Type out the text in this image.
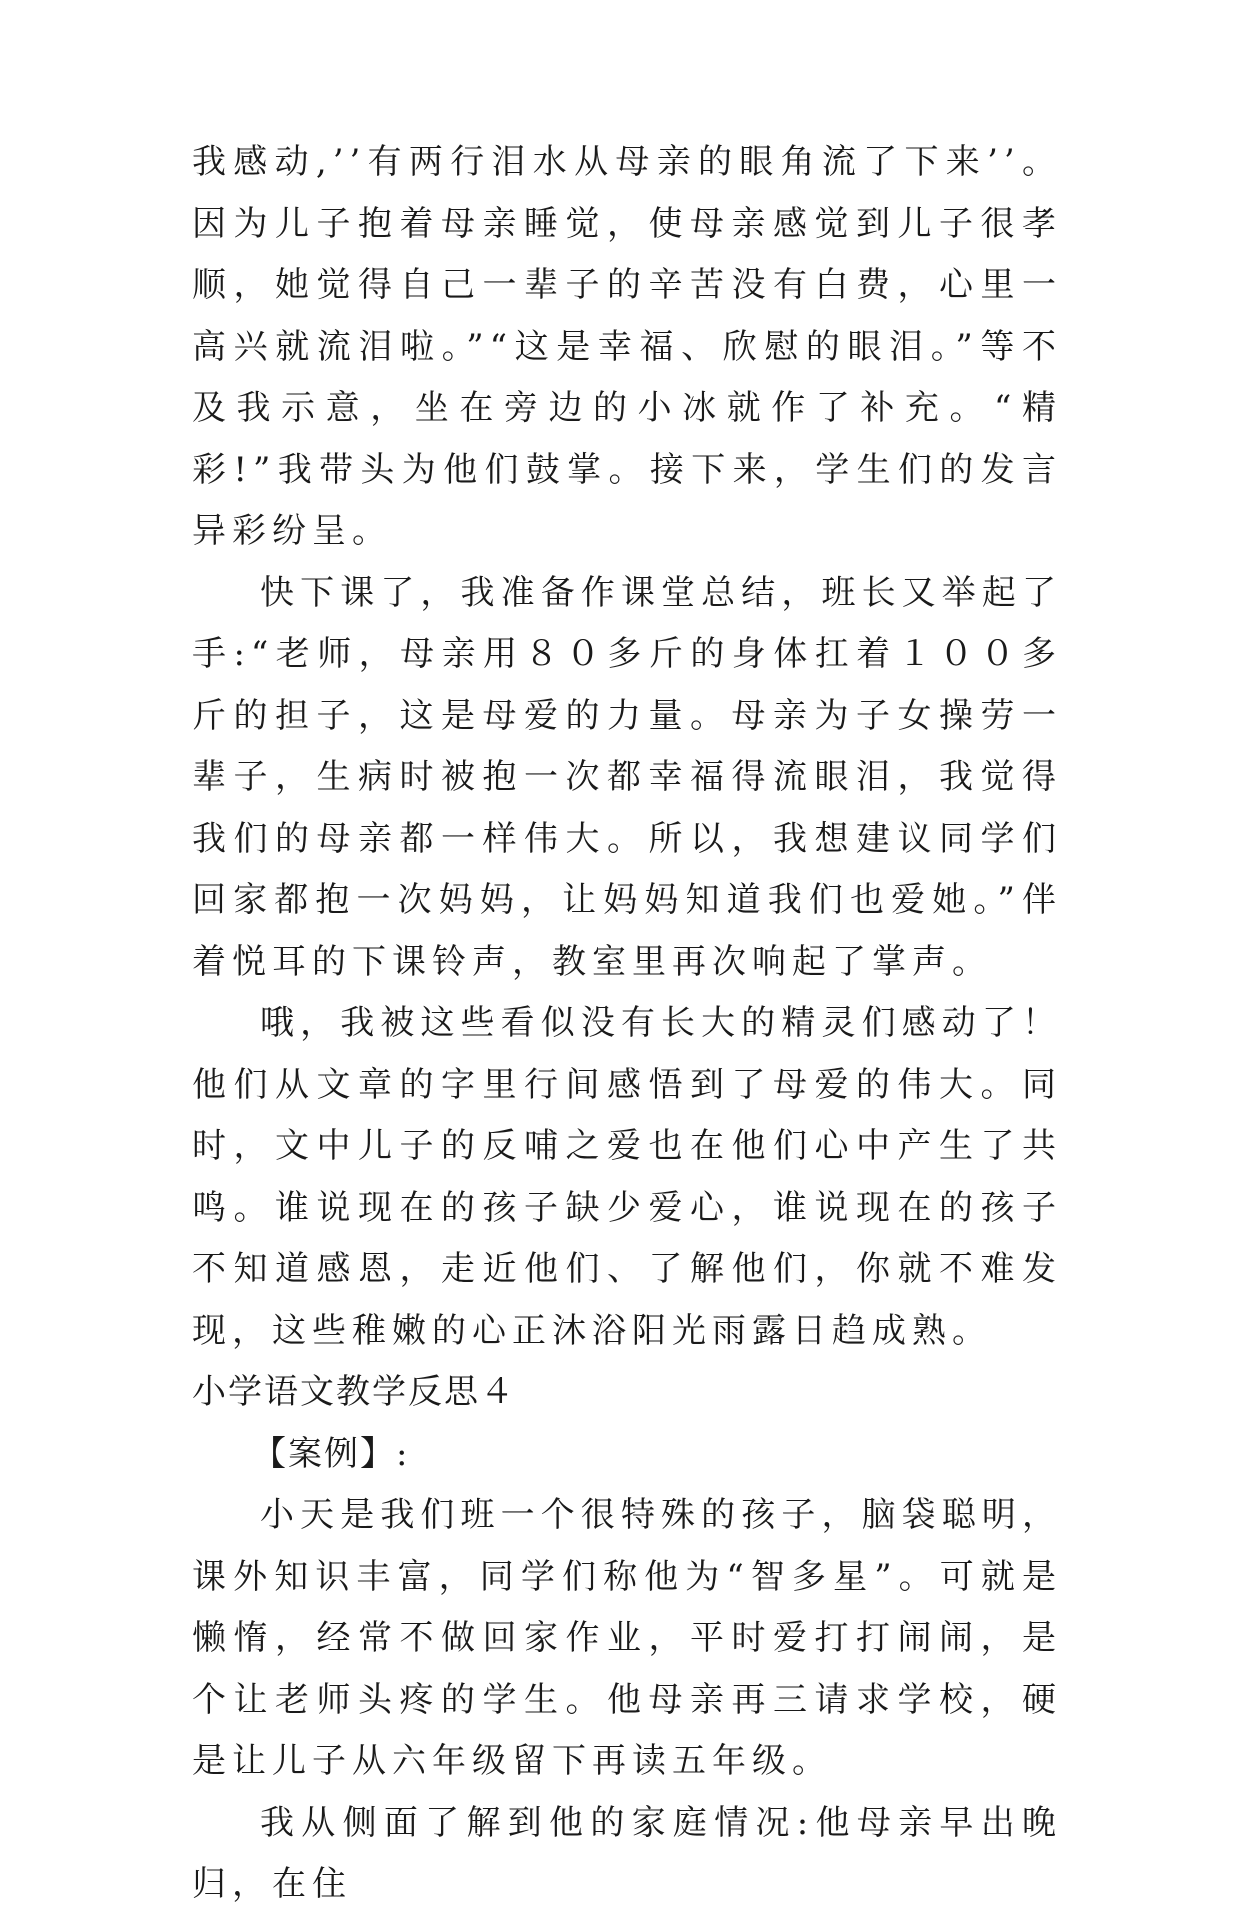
我感动,’’有两行泪水从母亲的眼角流了下来’’。因为儿子抱着母亲睡觉，使母亲感觉到儿子很孝顺，她觉得自己一辈子的辛苦没有白费，心里一高兴就流泪啦。”“这是幸福、欣慰的眼泪。”等不及我示意，坐在旁边的小冰就作了补充。“精彩!”我带头为他们鼓掌。接下来，学生们的发言异彩纷呈。

快下课了，我准备作课堂总结，班长又举起了手:“老师，母亲用８０多斤的身体扛着１００多斤的担子，这是母爱的力量。母亲为子女操劳一辈子，生病时被抱一次都幸福得流眼泪，我觉得我们的母亲都一样伟大。所以，我想建议同学们回家都抱一次妈妈，让妈妈知道我们也爱她。”伴着悦耳的下课铃声，教室里再次响起了掌声。

哦，我被这些看似没有长大的精灵们感动了！他们从文章的字里行间感悟到了母爱的伟大。同时，文中儿子的反哺之爱也在他们心中产生了共鸣。谁说现在的孩子缺少爱心，谁说现在的孩子不知道感恩，走近他们、了解他们，你就不难发现，这些稚嫩的心正沐浴阳光雨露日趋成熟。

小学语文教学反思４

【案例】:

小天是我们班一个很特殊的孩子，脑袋聪明，课外知识丰富，同学们称他为“智多星”。可就是懒惰，经常不做回家作业，平时爱打打闹闹，是个让老师头疼的学生。他母亲再三请求学校，硬是让儿子从六年级留下再读五年级。

我从侧面了解到他的家庭情况:他母亲早出晚归，在住
